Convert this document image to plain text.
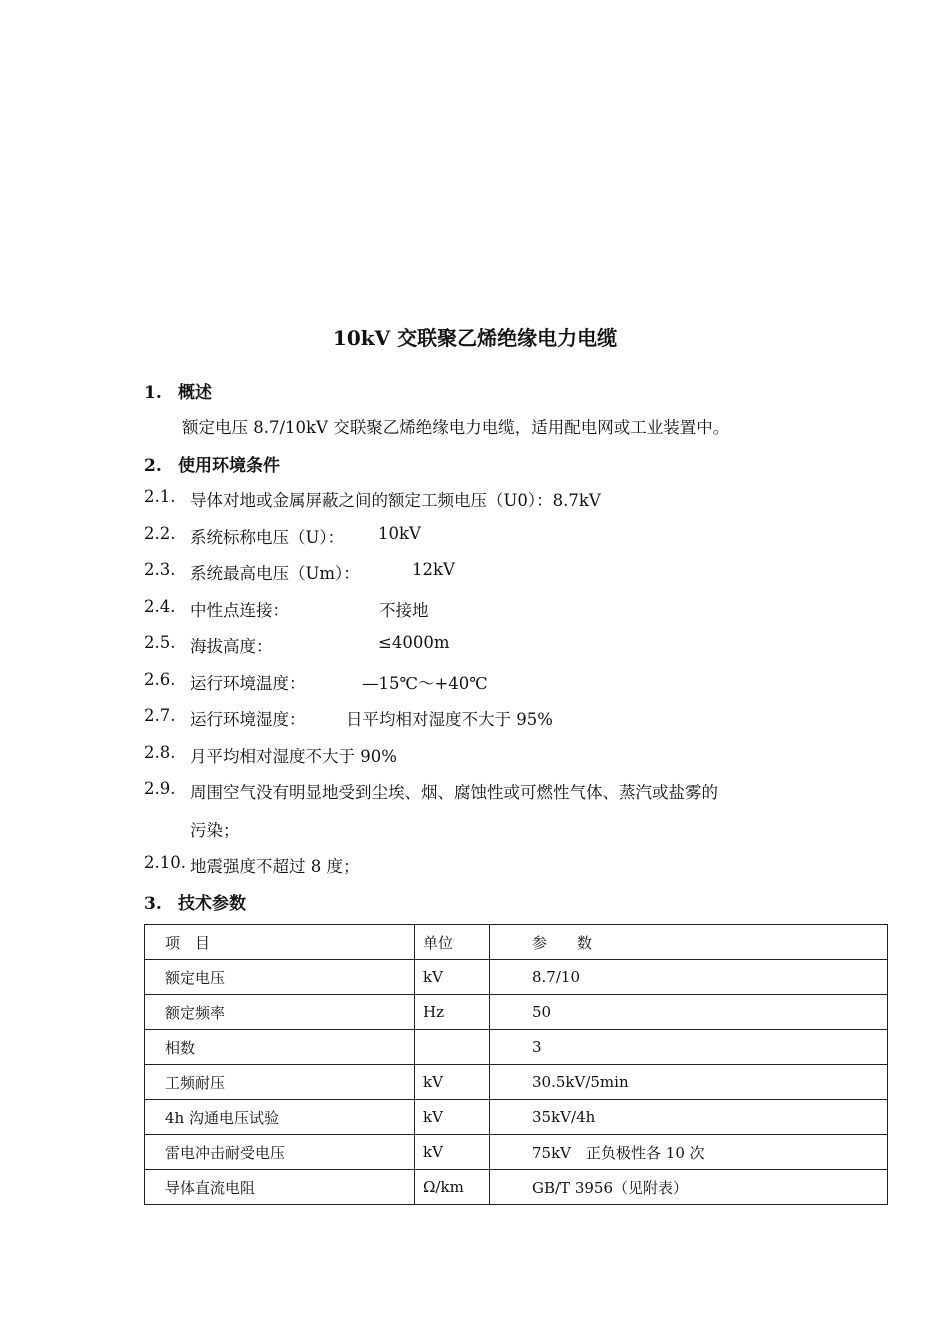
10kV 交联聚乙烯绝缘电力电缆
1. 概述
额定电压 8.7/10kV 交联聚乙烯绝缘电力电缆，适用配电网或工业装置中。
2. 使用环境条件
2.1. 导体对地或金属屏蔽之间的额定工频电压（U0）：8.7kV
2.2. 系统标称电压（U）： 10kV
2.3. 系统最高电压（Um）：	12kV
2.4. 中性点连接：	不接地
2.5. 海拔高度：	≤4000m
2.6. 运行环境温度：	—15℃～+40℃
2.7. 运行环境湿度： 日平均相对湿度不大于 95%
2.8. 月平均相对湿度不大于 90%
2.9. 周围空气没有明显地受到尘埃、烟、腐蚀性或可燃性气体、蒸汽或盐雾的
污染；
2.10. 地震强度不超过 8 度；
3. 技术参数
项　目	单位	参　　数
额定电压	kV	8.7/10
额定频率	Hz	50
相数		3
工频耐压	kV	30.5kV/5min
4h 沟通电压试验	kV	35kV/4h
雷电冲击耐受电压	kV	75kV　正负极性各 10 次
导体直流电阻	Ω/km	GB/T 3956（见附表）
